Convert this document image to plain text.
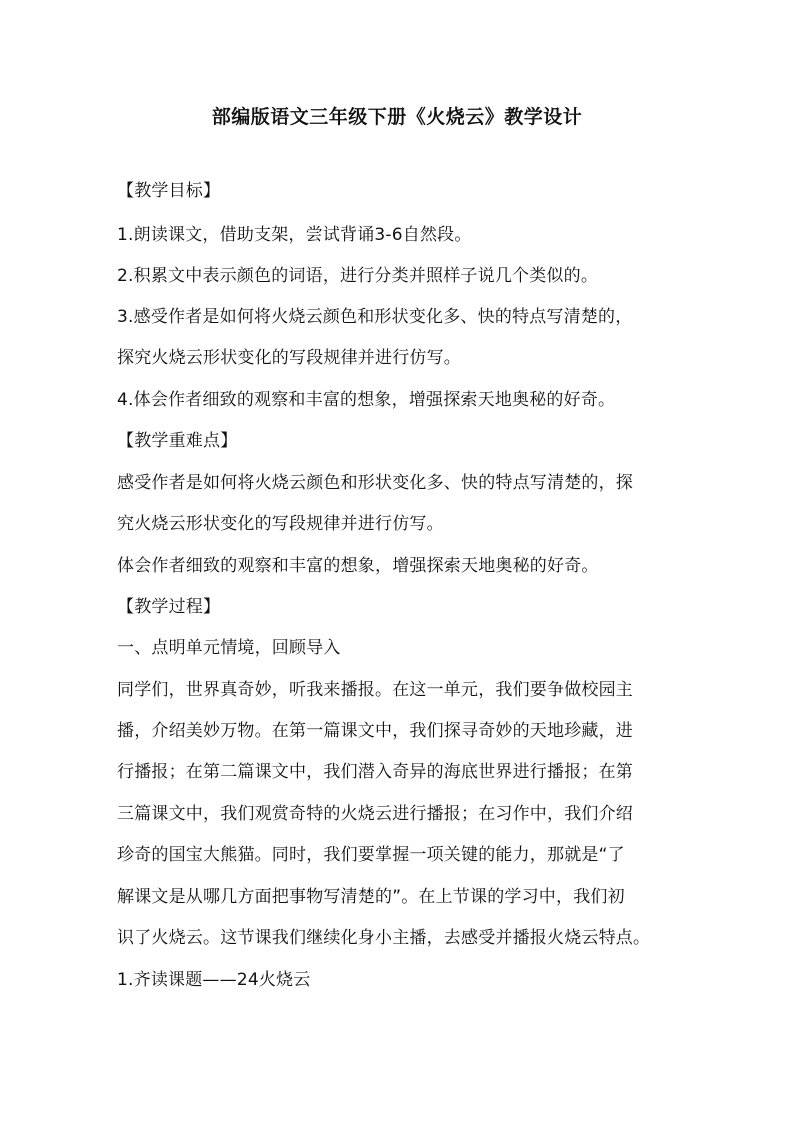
部编版语文三年级下册《火烧云》教学设计
【教学目标】
1.朗读课文，借助支架，尝试背诵3-6自然段。
2.积累文中表示颜色的词语，进行分类并照样子说几个类似的。
3.感受作者是如何将火烧云颜色和形状变化多、快的特点写清楚的，
探究火烧云形状变化的写段规律并进行仿写。
4.体会作者细致的观察和丰富的想象，增强探索天地奥秘的好奇。
【教学重难点】
感受作者是如何将火烧云颜色和形状变化多、快的特点写清楚的，探
究火烧云形状变化的写段规律并进行仿写。
体会作者细致的观察和丰富的想象，增强探索天地奥秘的好奇。
【教学过程】
一、点明单元情境，回顾导入
同学们，世界真奇妙，听我来播报。在这一单元，我们要争做校园主
播，介绍美妙万物。在第一篇课文中，我们探寻奇妙的天地珍藏，进
行播报；在第二篇课文中，我们潜入奇异的海底世界进行播报；在第
三篇课文中，我们观赏奇特的火烧云进行播报；在习作中，我们介绍
珍奇的国宝大熊猫。同时，我们要掌握一项关键的能力，那就是“了
解课文是从哪几方面把事物写清楚的”。在上节课的学习中，我们初
识了火烧云。这节课我们继续化身小主播，去感受并播报火烧云特点。
1.齐读课题——24火烧云
